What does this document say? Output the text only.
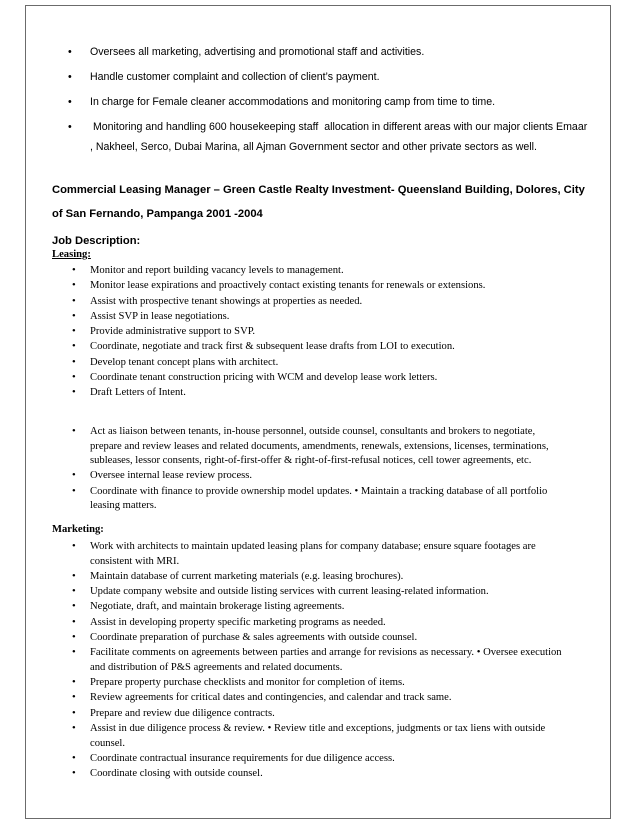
• Oversees all marketing, advertising and promotional staff and activities.
• Handle customer complaint and collection of client’s payment.
• In charge for Female cleaner accommodations and monitoring camp from time to time.
• Monitoring and handling 600 housekeeping staff  allocation in different areas with our major clients Emaar , Nakheel, Serco, Dubai Marina, all Ajman Government sector and other private sectors as well.
Commercial Leasing Manager – Green Castle Realty Investment- Queensland Building, Dolores, City of San Fernando, Pampanga 2001 -2004
Job Description:
Leasing:
• Monitor and report building vacancy levels to management.
• Monitor lease expirations and proactively contact existing tenants for renewals or extensions.
• Assist with prospective tenant showings at properties as needed.
• Assist SVP in lease negotiations.
• Provide administrative support to SVP.
• Coordinate, negotiate and track first & subsequent lease drafts from LOI to execution.
• Develop tenant concept plans with architect.
• Coordinate tenant construction pricing with WCM and develop lease work letters.
• Draft Letters of Intent.
• Act as liaison between tenants, in-house personnel, outside counsel, consultants and brokers to negotiate, prepare and review leases and related documents, amendments, renewals, extensions, licenses, terminations, subleases, lessor consents, right-of-first-offer & right-of-first-refusal notices, cell tower agreements, etc.
• Oversee internal lease review process.
• Coordinate with finance to provide ownership model updates. • Maintain a tracking database of all portfolio leasing matters.
Marketing:
• Work with architects to maintain updated leasing plans for company database; ensure square footages are consistent with MRI.
• Maintain database of current marketing materials (e.g. leasing brochures).
• Update company website and outside listing services with current leasing-related information.
• Negotiate, draft, and maintain brokerage listing agreements.
• Assist in developing property specific marketing programs as needed.
• Coordinate preparation of purchase & sales agreements with outside counsel.
• Facilitate comments on agreements between parties and arrange for revisions as necessary. • Oversee execution and distribution of P&S agreements and related documents.
• Prepare property purchase checklists and monitor for completion of items.
• Review agreements for critical dates and contingencies, and calendar and track same.
• Prepare and review due diligence contracts.
• Assist in due diligence process & review. • Review title and exceptions, judgments or tax liens with outside counsel.
• Coordinate contractual insurance requirements for due diligence access.
• Coordinate closing with outside counsel.
